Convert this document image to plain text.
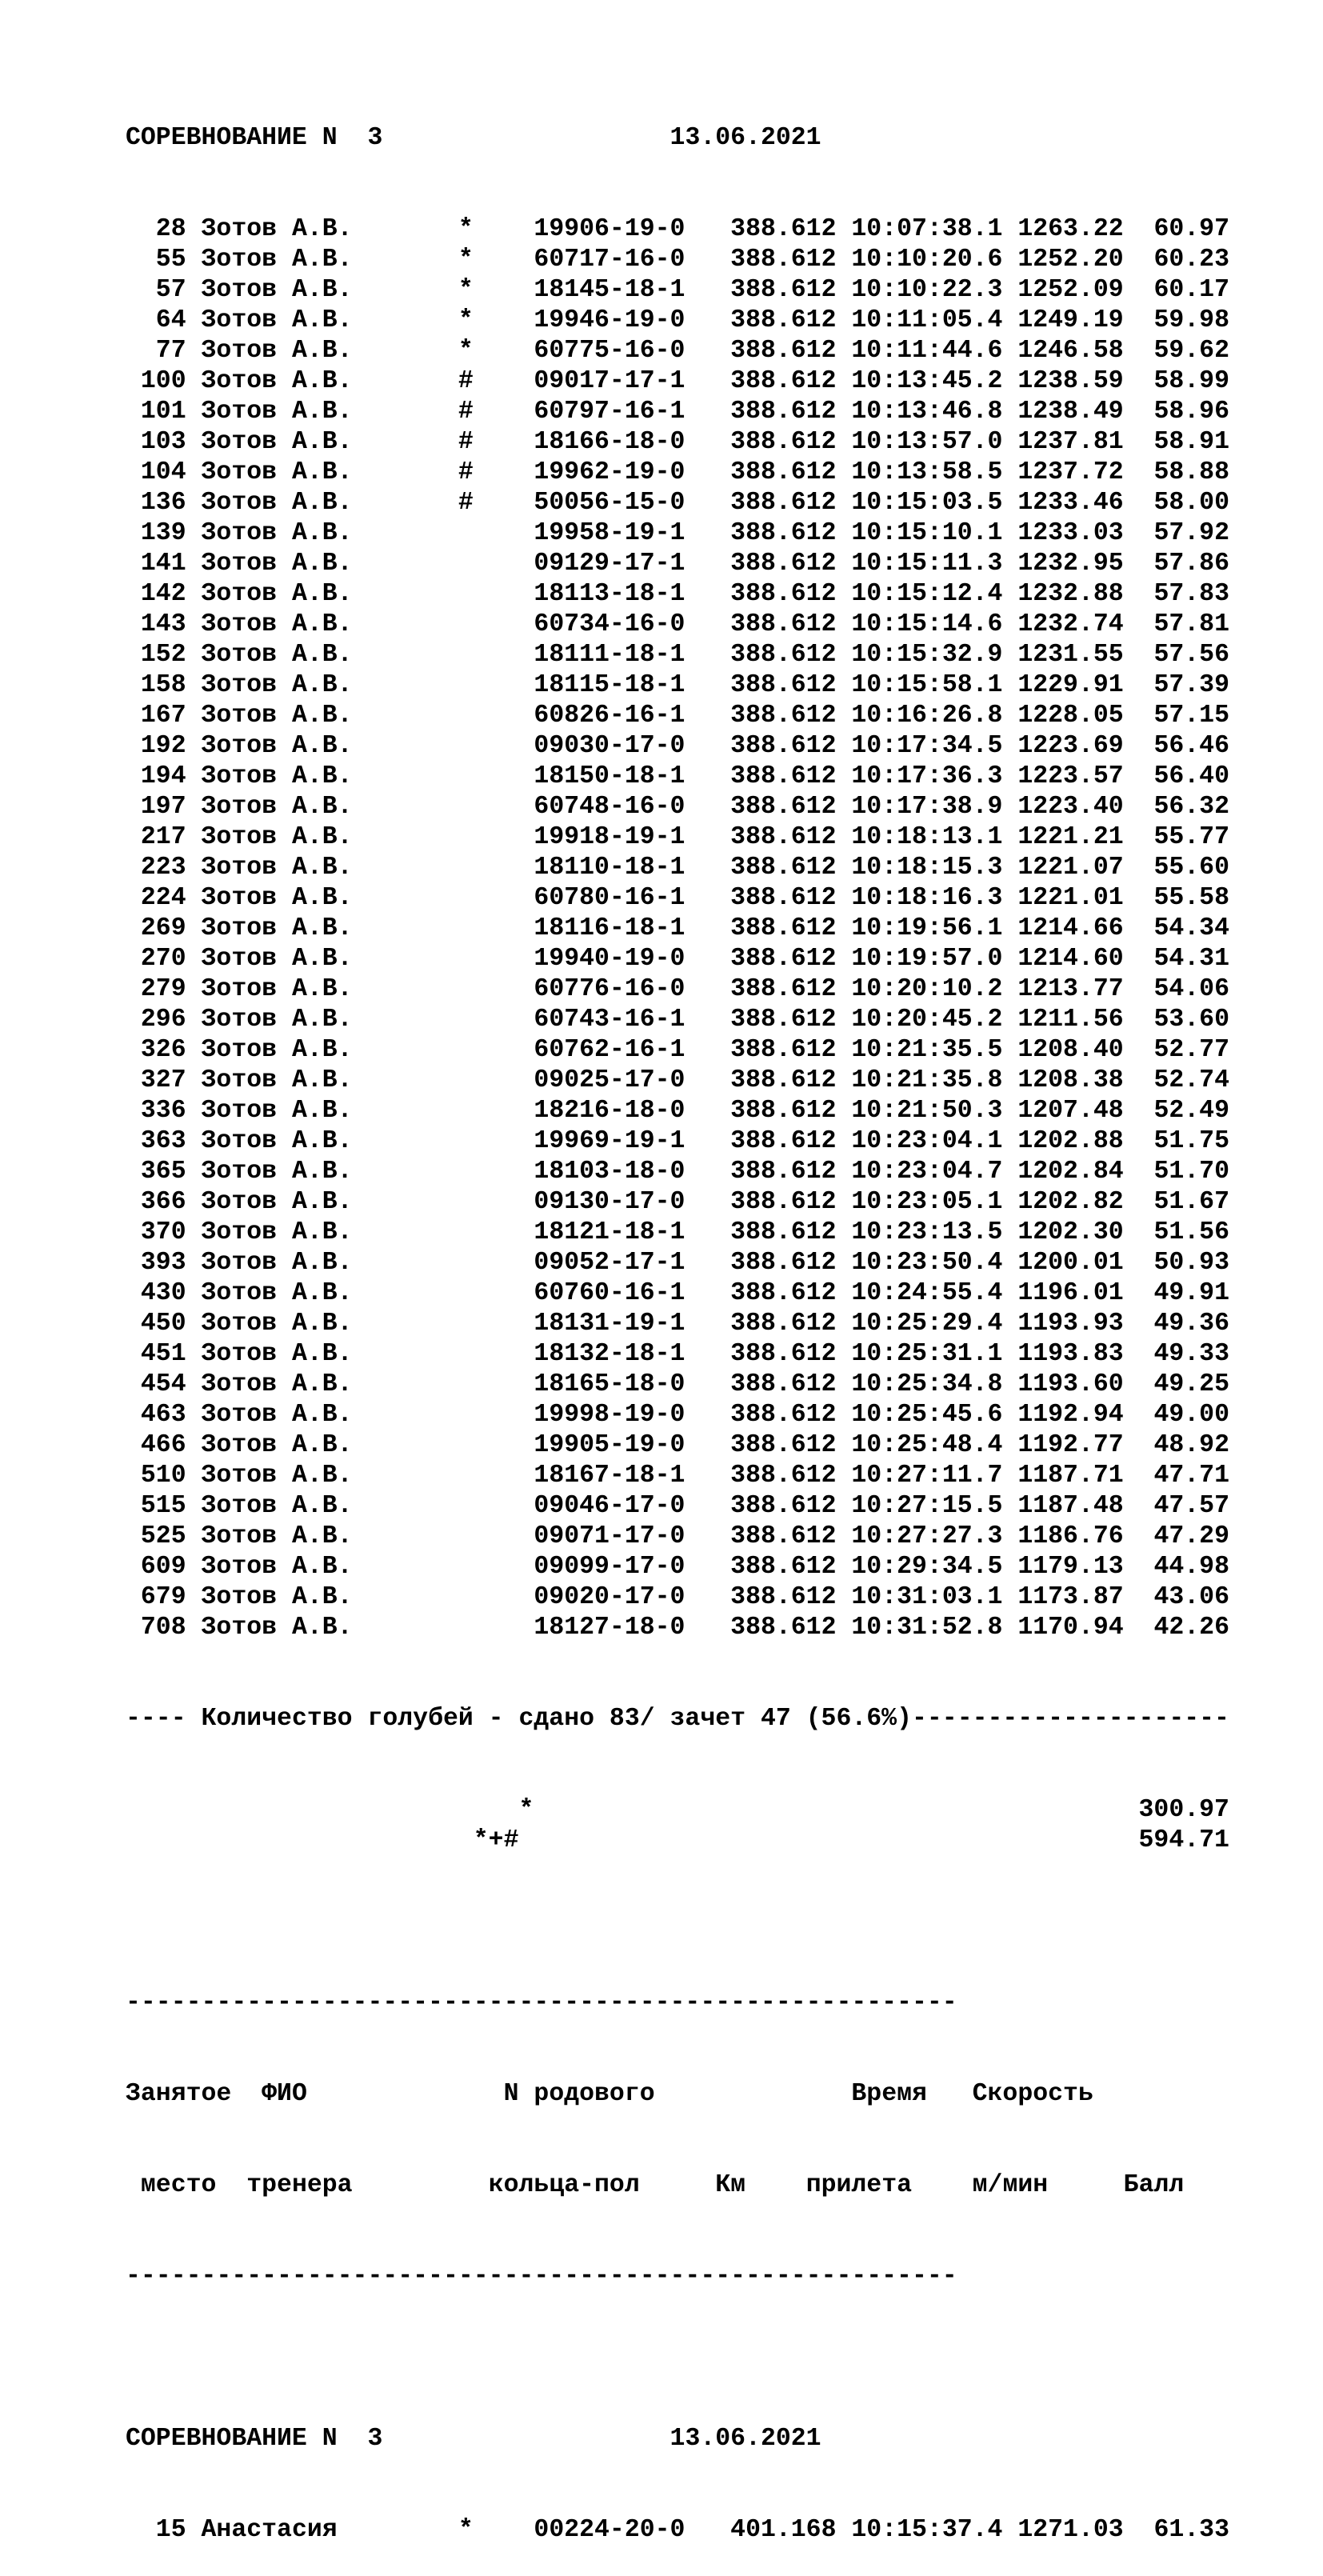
СОРЕВНОВАНИЕ N 3	13.06.2021

28 Зотов А.В.       * 19906-19-0 388.612 10:07:38.1 1263.22  60.97
55 Зотов А.В.       * 60717-16-0 388.612 10:10:20.6 1252.20  60.23
57 Зотов А.В.       * 18145-18-1 388.612 10:10:22.3 1252.09  60.17
64 Зотов А.В.       * 19946-19-0 388.612 10:11:05.4 1249.19  59.98
77 Зотов А.В.       * 60775-16-0 388.612 10:11:44.6 1246.58  59.62
100 Зотов А.В.       # 09017-17-1 388.612 10:13:45.2 1238.59  58.99
101 Зотов А.В.       # 60797-16-1 388.612 10:13:46.8 1238.49  58.96
103 Зотов А.В.       # 18166-18-0 388.612 10:13:57.0 1237.81  58.91
104 Зотов А.В.       # 19962-19-0 388.612 10:13:58.5 1237.72  58.88
136 Зотов А.В.       # 50056-15-0 388.612 10:15:03.5 1233.46  58.00
139 Зотов А.В.	19958-19-1 388.612 10:15:10.1 1233.03  57.92
141 Зотов А.В.	09129-17-1 388.612 10:15:11.3 1232.95  57.86
142 Зотов А.В.	18113-18-1 388.612 10:15:12.4 1232.88  57.83
143 Зотов А.В.	60734-16-0 388.612 10:15:14.6 1232.74  57.81
152 Зотов А.В.	18111-18-1 388.612 10:15:32.9 1231.55  57.56
158 Зотов А.В.	18115-18-1 388.612 10:15:58.1 1229.91  57.39
167 Зотов А.В.	60826-16-1 388.612 10:16:26.8 1228.05  57.15
192 Зотов А.В.	09030-17-0 388.612 10:17:34.5 1223.69  56.46
194 Зотов А.В.	18150-18-1 388.612 10:17:36.3 1223.57  56.40
197 Зотов А.В.	60748-16-0 388.612 10:17:38.9 1223.40  56.32
217 Зотов А.В.	19918-19-1 388.612 10:18:13.1 1221.21  55.77
223 Зотов А.В.	18110-18-1 388.612 10:18:15.3 1221.07  55.60
224 Зотов А.В.	60780-16-1 388.612 10:18:16.3 1221.01  55.58
269 Зотов А.В.	18116-18-1 388.612 10:19:56.1 1214.66  54.34
270 Зотов А.В.	19940-19-0 388.612 10:19:57.0 1214.60  54.31
279 Зотов А.В.	60776-16-0 388.612 10:20:10.2 1213.77  54.06
296 Зотов А.В.	60743-16-1 388.612 10:20:45.2 1211.56  53.60
326 Зотов А.В.	60762-16-1 388.612 10:21:35.5 1208.40  52.77
327 Зотов А.В.	09025-17-0 388.612 10:21:35.8 1208.38  52.74
336 Зотов А.В.	18216-18-0 388.612 10:21:50.3 1207.48  52.49
363 Зотов А.В.	19969-19-1 388.612 10:23:04.1 1202.88  51.75
365 Зотов А.В.	18103-18-0 388.612 10:23:04.7 1202.84  51.70
366 Зотов А.В.	09130-17-0 388.612 10:23:05.1 1202.82  51.67
370 Зотов А.В.	18121-18-1 388.612 10:23:13.5 1202.30  51.56
393 Зотов А.В.	09052-17-1 388.612 10:23:50.4 1200.01  50.93
430 Зотов А.В.	60760-16-1 388.612 10:24:55.4 1196.01  49.91
450 Зотов А.В.	18131-19-1 388.612 10:25:29.4 1193.93  49.36
451 Зотов А.В.	18132-18-1 388.612 10:25:31.1 1193.83  49.33
454 Зотов А.В.	18165-18-0 388.612 10:25:34.8 1193.60  49.25
463 Зотов А.В.	19998-19-0 388.612 10:25:45.6 1192.94  49.00
466 Зотов А.В.	19905-19-0 388.612 10:25:48.4 1192.77  48.92
510 Зотов А.В.	18167-18-1 388.612 10:27:11.7 1187.71  47.71
515 Зотов А.В.	09046-17-0 388.612 10:27:15.5 1187.48  47.57
525 Зотов А.В.	09071-17-0 388.612 10:27:27.3 1186.76  47.29
609 Зотов А.В.	09099-17-0 388.612 10:29:34.5 1179.13  44.98
679 Зотов А.В.	09020-17-0 388.612 10:31:03.1 1173.87  43.06
708 Зотов А.В.	18127-18-0 388.612 10:31:52.8 1170.94  42.26

---- Количество голубей - сдано 83/ зачет 47 (56.6%)---------------------

*	300.97
*+#	594.71

-------------------------------------------------------

Занятое ФИО	N родового	Время Скорость

место тренера	кольца-пол	Км прилета м/мин	Балл

-------------------------------------------------------

СОРЕВНОВАНИЕ N 3	13.06.2021

15 Анастасия        * 00224-20-0 401.168 10:15:37.4 1271.03  61.33
